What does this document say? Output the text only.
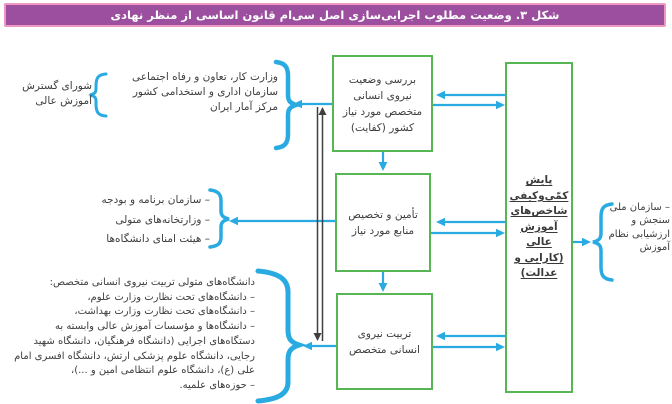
شکل ۳. وضعیت مطلوب اجرایی‌سازی اصل سی‌ام قانون اساسی از منظر نهادی
بررسی وضعیت نیروی انسانی متخصص مورد نیاز کشور (کفایت)
تأمین و تخصیص منابع مورد نیاز
تربیت نیروی انسانی متخصص
پایش کمّی‌وکیفی شاخص‌های آموزش عالی (کارایی و عدالت)
شورای گسترش آموزش عالی
وزارت کار، تعاون و رفاه اجتماعی
سازمان اداری و استخدامی کشور
مرکز آمار ایران
– سازمان برنامه و بودجه
– وزارتخانه‌های متولی
– هیئت امنای دانشگاه‌ها
دانشگاه‌های متولی تربیت نیروی انسانی متخصص:
– دانشگاه‌های تحت نظارت وزارت علوم،
– دانشگاه‌های تحت نظارت وزارت بهداشت،
– دانشگاه‌ها و مؤسسات آموزش عالی وابسته به دستگاه‌های اجرایی (دانشگاه فرهنگیان، دانشگاه شهید رجایی، دانشگاه علوم پزشکی ارتش، دانشگاه افسری امام علی (ع)، دانشگاه علوم انتظامی امین و ...)،
– حوزه‌های علمیه.
– سازمان ملی سنجش و ارزشیابی نظام آموزش
